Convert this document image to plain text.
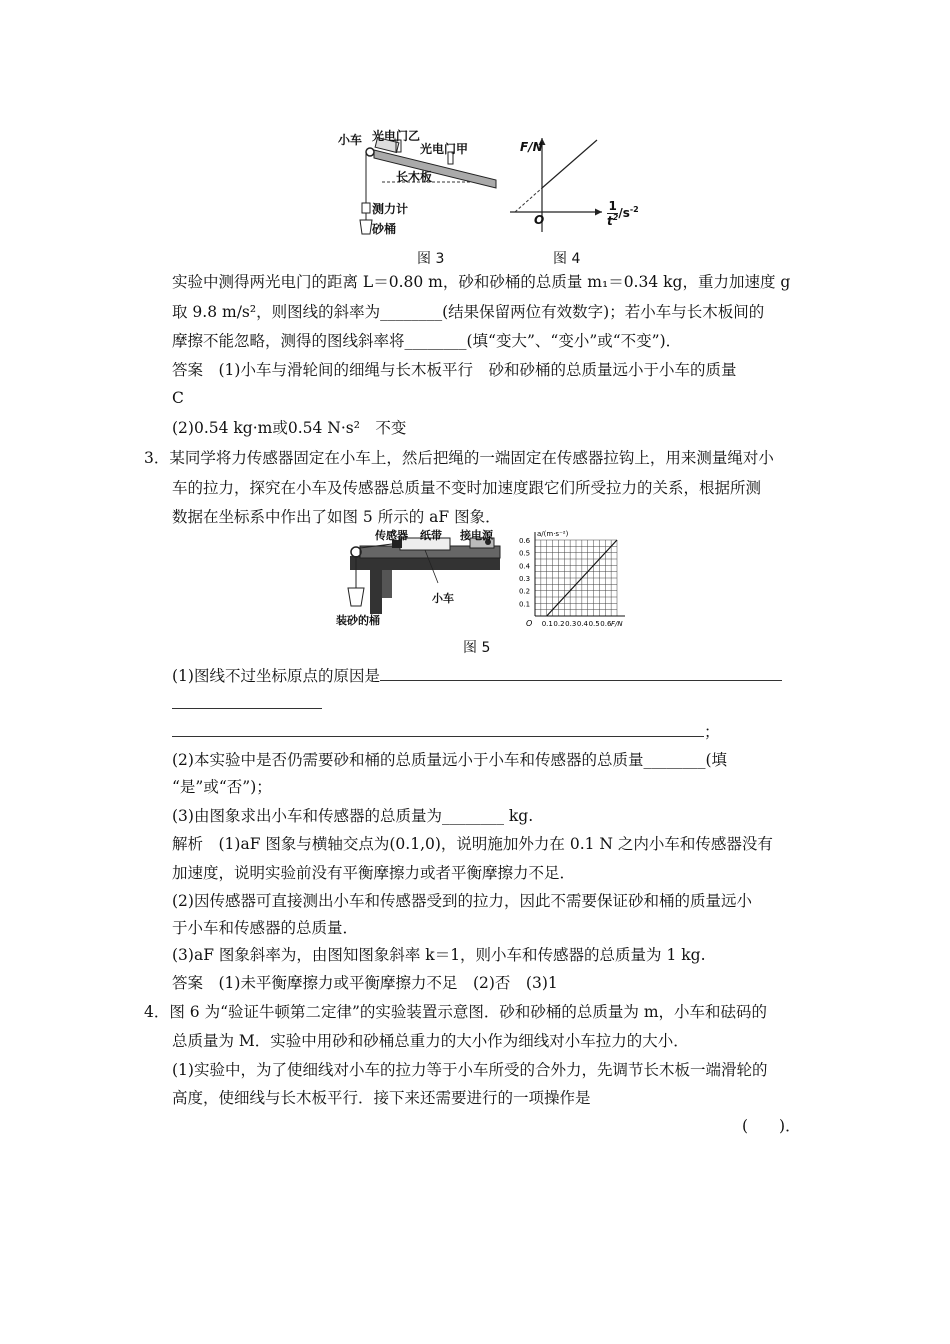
小车 光电门乙
光电门甲
长木板
测力计
砂桶
图 3
F/N
O	$\frac{1}{t^2}/s^{-2}$
图 4
实验中测得两光电门的距离 L＝0.80 m，砂和砂桶的总质量 m₁＝0.34 kg，重力加速度 g
取 9.8 m/s²，则图线的斜率为________(结果保留两位有效数字)；若小车与长木板间的
摩擦不能忽略，测得的图线斜率将________(填“变大”、“变小”或“不变”)．
答案　(1)小车与滑轮间的细绳与长木板平行　砂和砂桶的总质量远小于小车的质量
C
(2)0.54 kg·m或0.54 N·s²　不变
3．某同学将力传感器固定在小车上，然后把绳的一端固定在传感器拉钩上，用来测量绳对小
车的拉力，探究在小车及传感器总质量不变时加速度跟它们所受拉力的关系，根据所测
数据在坐标系中作出了如图 5 所示的 aF 图象．
传感器 纸带 接电源
小车
装砂的桶	0.1 0.2 0.3 0.4 0.5 0.6
0.1
0.2
0.3
0.4
0.5
0.6
O	F/N
a/(m·s⁻²)
图 5
(1)图线不过坐标原点的原因是
；
(2)本实验中是否仍需要砂和桶的总质量远小于小车和传感器的总质量________(填
“是”或“否”)；
(3)由图象求出小车和传感器的总质量为________ kg.
解析　(1)aF 图象与横轴交点为(0.1,0)，说明施加外力在 0.1 N 之内小车和传感器没有
加速度，说明实验前没有平衡摩擦力或者平衡摩擦力不足．
(2)因传感器可直接测出小车和传感器受到的拉力，因此不需要保证砂和桶的质量远小
于小车和传感器的总质量．
(3)aF 图象斜率为，由图知图象斜率 k＝1，则小车和传感器的总质量为 1 kg.
答案　(1)未平衡摩擦力或平衡摩擦力不足　(2)否　(3)1
4．图 6 为“验证牛顿第二定律”的实验装置示意图．砂和砂桶的总质量为 m，小车和砝码的
总质量为 M．实验中用砂和砂桶总重力的大小作为细线对小车拉力的大小．
(1)实验中，为了使细线对小车的拉力等于小车所受的合外力，先调节长木板一端滑轮的
高度，使细线与长木板平行．接下来还需要进行的一项操作是
(　　)．
